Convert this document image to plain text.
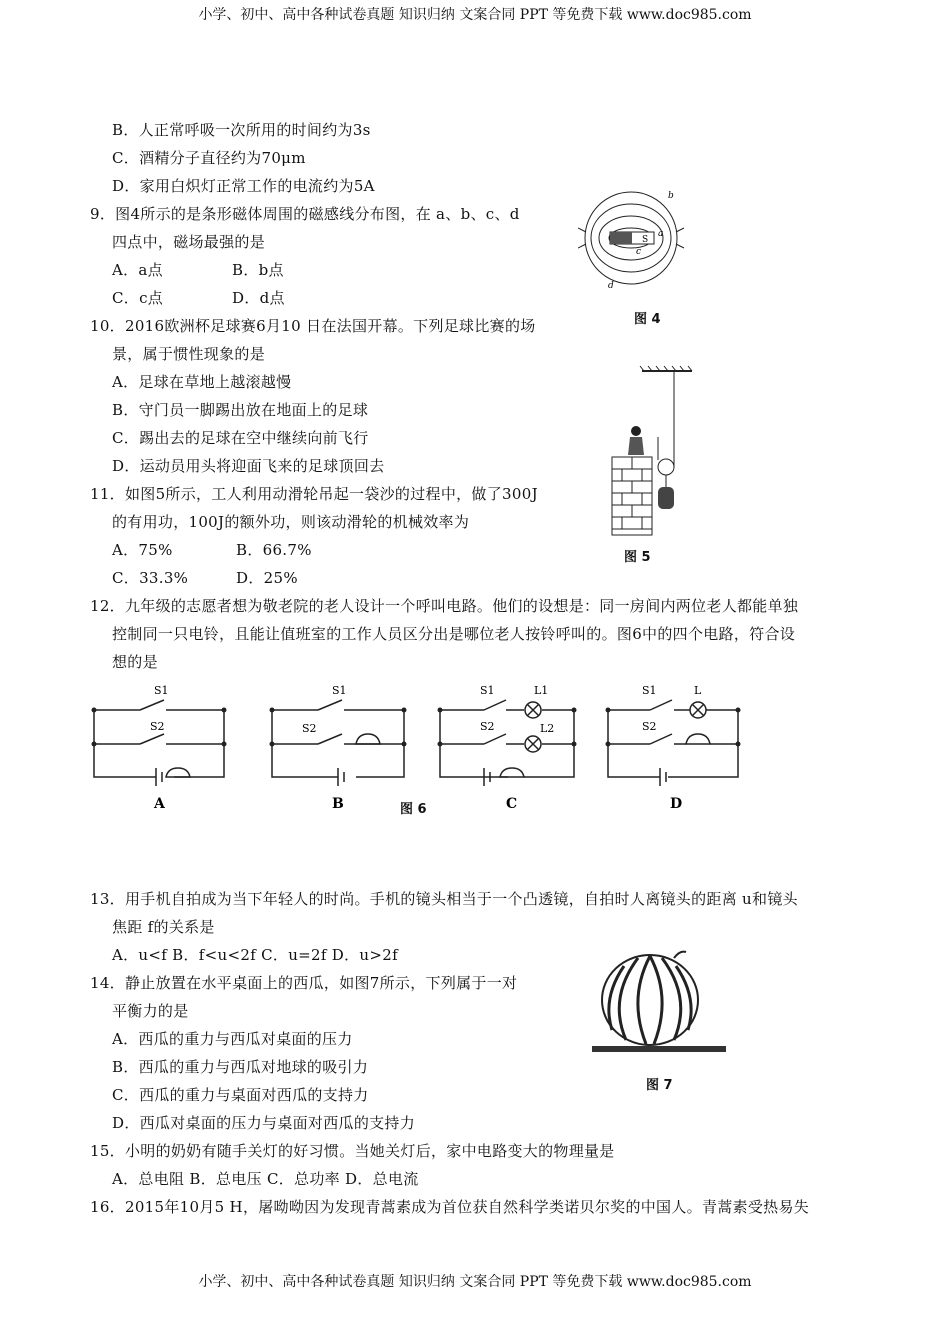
小学、初中、高中各种试卷真题 知识归纳 文案合同 PPT 等免费下载 www.doc985.com
B．人正常呼吸一次所用的时间约为3s
C．酒精分子直径约为70μm
D．家用白炽灯正常工作的电流约为5A
9．图4所示的是条形磁体周围的磁感线分布图，在 a、b、c、d
四点中，磁场最强的是
A．a点	B．b点
C．c点	D．d点
10．2016欧洲杯足球赛6月10 日在法国开幕。下列足球比赛的场
景，属于惯性现象的是
A．足球在草地上越滚越慢
B．守门员一脚踢出放在地面上的足球
C．踢出去的足球在空中继续向前飞行
D．运动员用头将迎面飞来的足球顶回去
11．如图5所示，工人利用动滑轮吊起一袋沙的过程中，做了300J
的有用功，100J的额外功，则该动滑轮的机械效率为
A．75%	B．66.7%
C．33.3%	D．25%
12．九年级的志愿者想为敬老院的老人设计一个呼叫电路。他们的设想是：同一房间内两位老人都能单独
控制同一只电铃，且能让值班室的工作人员区分出是哪位老人按铃呼叫的。图6中的四个电路，符合设
想的是
13．用手机自拍成为当下年轻人的时尚。手机的镜头相当于一个凸透镜，自拍时人离镜头的距离 u和镜头
焦距 f的关系是
A．u<f B．f<u<2f C．u=2f D．u>2f
14．静止放置在水平桌面上的西瓜，如图7所示，下列属于一对
平衡力的是
A．西瓜的重力与西瓜对桌面的压力
B．西瓜的重力与西瓜对地球的吸引力
C．西瓜的重力与桌面对西瓜的支持力
D．西瓜对桌面的压力与桌面对西瓜的支持力
15．小明的奶奶有随手关灯的好习惯。当她关灯后，家中电路变大的物理量是
A．总电阻 B．总电压 C．总功率 D．总电流
16．2015年10月5 H，屠呦呦因为发现青蒿素成为首位获自然科学类诺贝尔奖的中国人。青蒿素受热易失
S
a
b
c
d
图 4
图 5
S1
S2
S1
S2
S1
S2
L1
L2
S1
S2
L
A	B	C	D
图 6
图 7
小学、初中、高中各种试卷真题 知识归纳 文案合同 PPT 等免费下载 www.doc985.com
